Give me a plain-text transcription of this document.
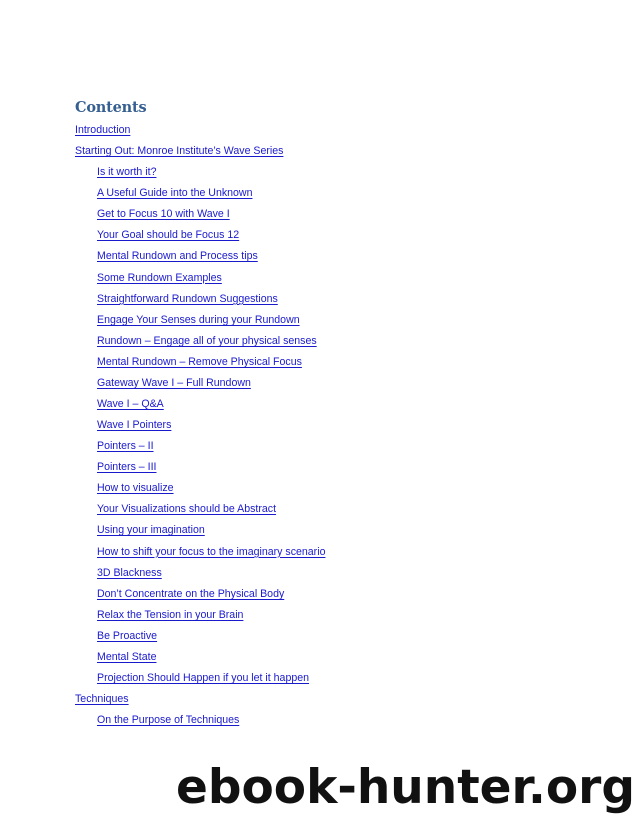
Contents
Introduction
Starting Out: Monroe Institute’s Wave Series
Is it worth it?
A Useful Guide into the Unknown
Get to Focus 10 with Wave I
Your Goal should be Focus 12
Mental Rundown and Process tips
Some Rundown Examples
Straightforward Rundown Suggestions
Engage Your Senses during your Rundown
Rundown – Engage all of your physical senses
Mental Rundown – Remove Physical Focus
Gateway Wave I – Full Rundown
Wave I – Q&A
Wave I Pointers
Pointers – II
Pointers – III
How to visualize
Your Visualizations should be Abstract
Using your imagination
How to shift your focus to the imaginary scenario
3D Blackness
Don’t Concentrate on the Physical Body
Relax the Tension in your Brain
Be Proactive
Mental State
Projection Should Happen if you let it happen
Techniques
On the Purpose of Techniques
ebook-hunter.org
